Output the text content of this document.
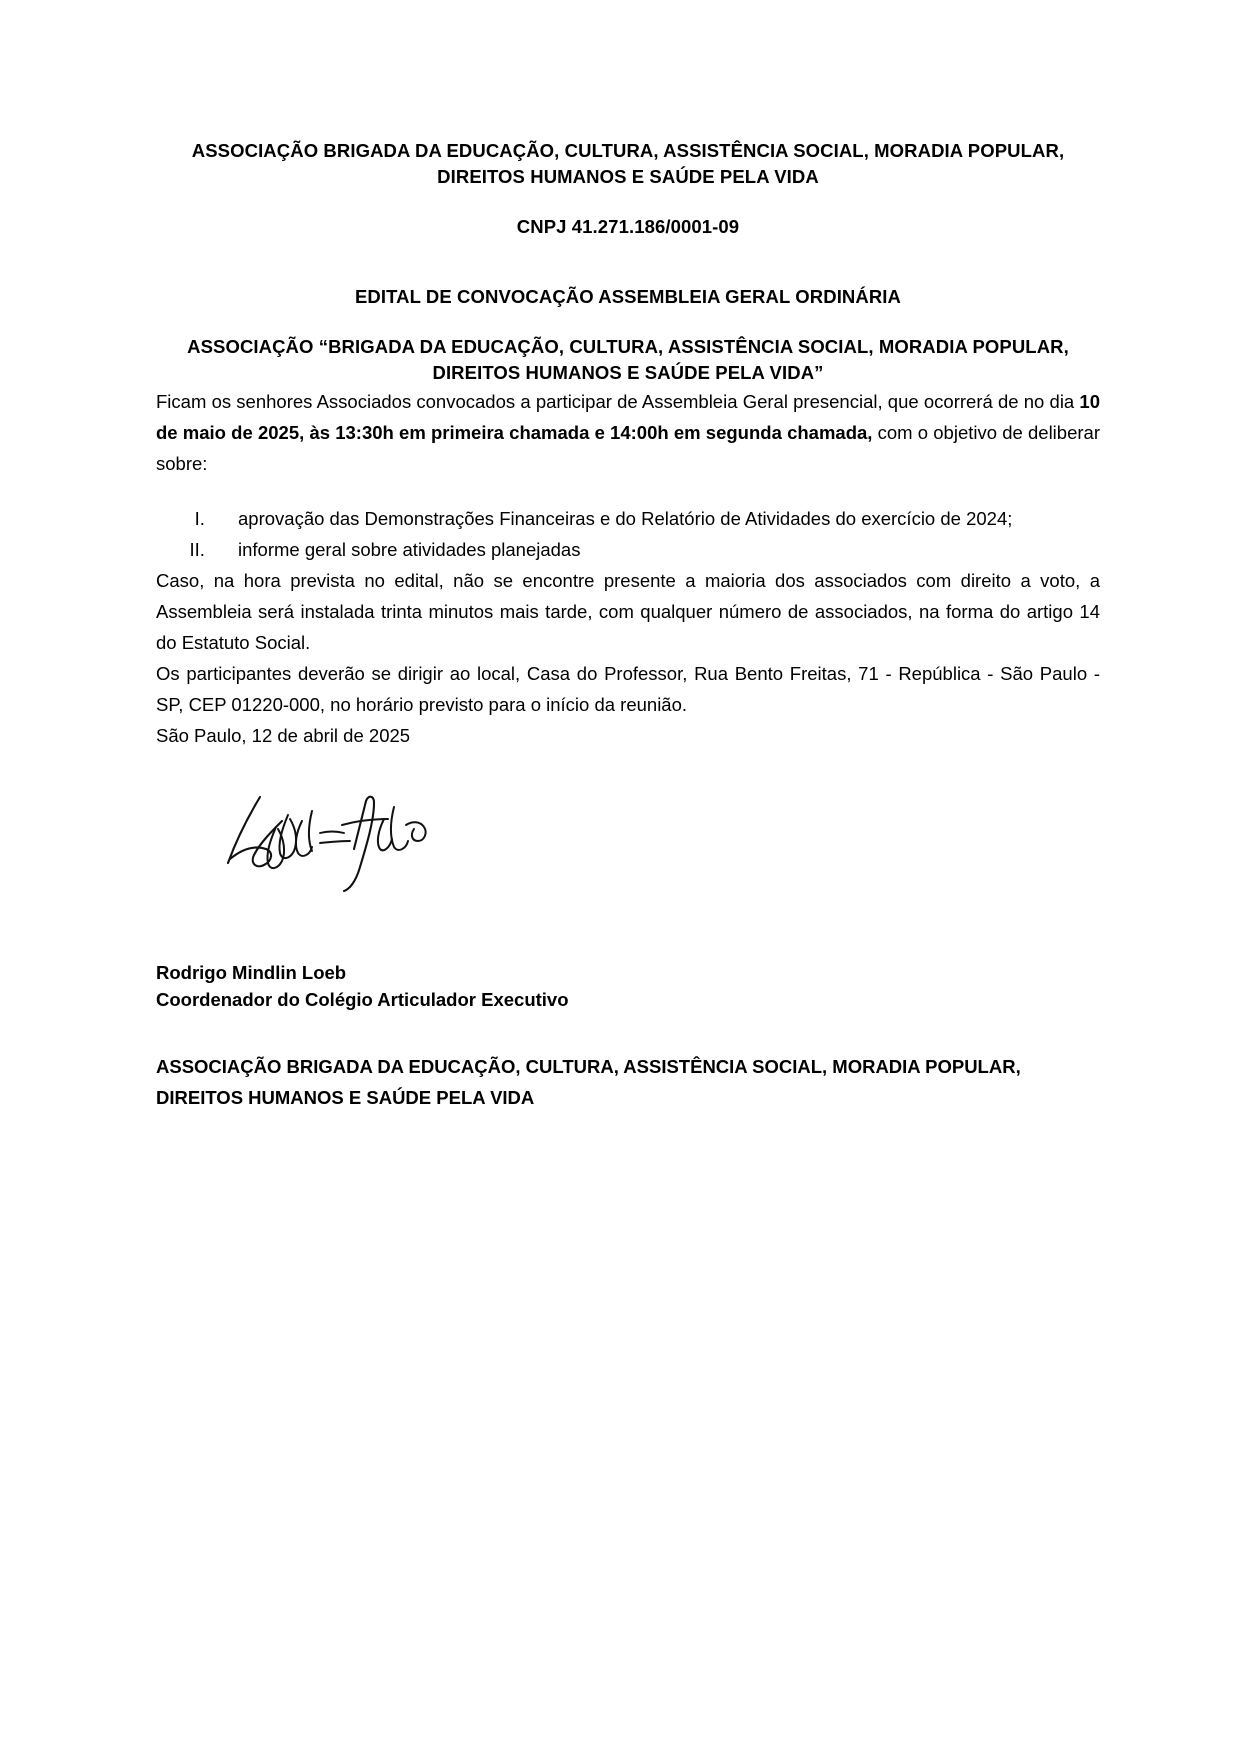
ASSOCIAÇÃO BRIGADA DA EDUCAÇÃO, CULTURA, ASSISTÊNCIA SOCIAL, MORADIA POPULAR, DIREITOS HUMANOS E SAÚDE PELA VIDA
CNPJ 41.271.186/0001-09
EDITAL DE CONVOCAÇÃO ASSEMBLEIA GERAL ORDINÁRIA
ASSOCIAÇÃO “BRIGADA DA EDUCAÇÃO, CULTURA, ASSISTÊNCIA SOCIAL, MORADIA POPULAR, DIREITOS HUMANOS E SAÚDE PELA VIDA”

Ficam os senhores Associados convocados a participar de Assembleia Geral presencial, que ocorrerá de no dia 10 de maio de 2025, às 13:30h em primeira chamada e 14:00h em segunda chamada, com o objetivo de deliberar sobre:

I. aprovação das Demonstrações Financeiras e do Relatório de Atividades do exercício de 2024;
II. informe geral sobre atividades planejadas

Caso, na hora prevista no edital, não se encontre presente a maioria dos associados com direito a voto, a Assembleia será instalada trinta minutos mais tarde, com qualquer número de associados, na forma do artigo 14 do Estatuto Social.

Os participantes deverão se dirigir ao local, Casa do Professor, Rua Bento Freitas, 71 - República - São Paulo - SP, CEP 01220-000, no horário previsto para o início da reunião.

São Paulo, 12 de abril de 2025

Rodrigo Mindlin Loeb

Coordenador do Colégio Articulador Executivo

ASSOCIAÇÃO BRIGADA DA EDUCAÇÃO, CULTURA, ASSISTÊNCIA SOCIAL, MORADIA POPULAR, DIREITOS HUMANOS E SAÚDE PELA VIDA
